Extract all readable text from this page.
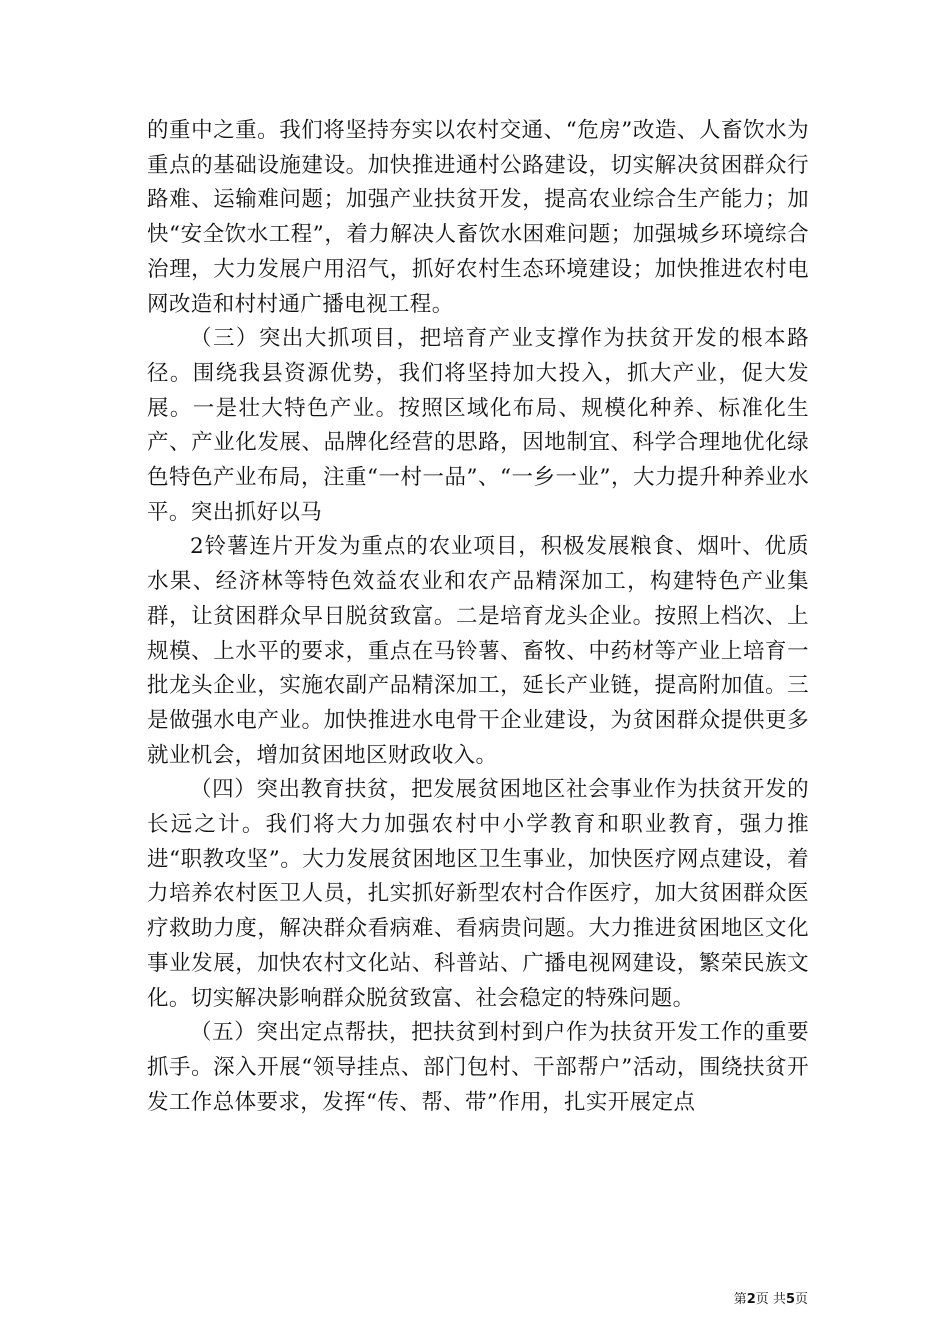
的重中之重。我们将坚持夯实以农村交通、“危房”改造、人畜饮水为重点的基础设施建设。加快推进通村公路建设，切实解决贫困群众行路难、运输难问题；加强产业扶贫开发，提高农业综合生产能力；加快“安全饮水工程”，着力解决人畜饮水困难问题；加强城乡环境综合治理，大力发展户用沼气，抓好农村生态环境建设；加快推进农村电网改造和村村通广播电视工程。

（三）突出大抓项目，把培育产业支撑作为扶贫开发的根本路径。围绕我县资源优势，我们将坚持加大投入，抓大产业，促大发展。一是壮大特色产业。按照区域化布局、规模化种养、标准化生产、产业化发展、品牌化经营的思路，因地制宜、科学合理地优化绿色特色产业布局，注重“一村一品”、“一乡一业”，大力提升种养业水平。突出抓好以马

2铃薯连片开发为重点的农业项目，积极发展粮食、烟叶、优质水果、经济林等特色效益农业和农产品精深加工，构建特色产业集群，让贫困群众早日脱贫致富。二是培育龙头企业。按照上档次、上规模、上水平的要求，重点在马铃薯、畜牧、中药材等产业上培育一批龙头企业，实施农副产品精深加工，延长产业链，提高附加值。三是做强水电产业。加快推进水电骨干企业建设，为贫困群众提供更多就业机会，增加贫困地区财政收入。

（四）突出教育扶贫，把发展贫困地区社会事业作为扶贫开发的长远之计。我们将大力加强农村中小学教育和职业教育，强力推进“职教攻坚”。大力发展贫困地区卫生事业，加快医疗网点建设，着力培养农村医卫人员，扎实抓好新型农村合作医疗，加大贫困群众医疗救助力度，解决群众看病难、看病贵问题。大力推进贫困地区文化事业发展，加快农村文化站、科普站、广播电视网建设，繁荣民族文化。切实解决影响群众脱贫致富、社会稳定的特殊问题。

（五）突出定点帮扶，把扶贫到村到户作为扶贫开发工作的重要抓手。深入开展“领导挂点、部门包村、干部帮户”活动，围绕扶贫开发工作总体要求，发挥“传、帮、带”作用，扎实开展定点

第2页 共5页
